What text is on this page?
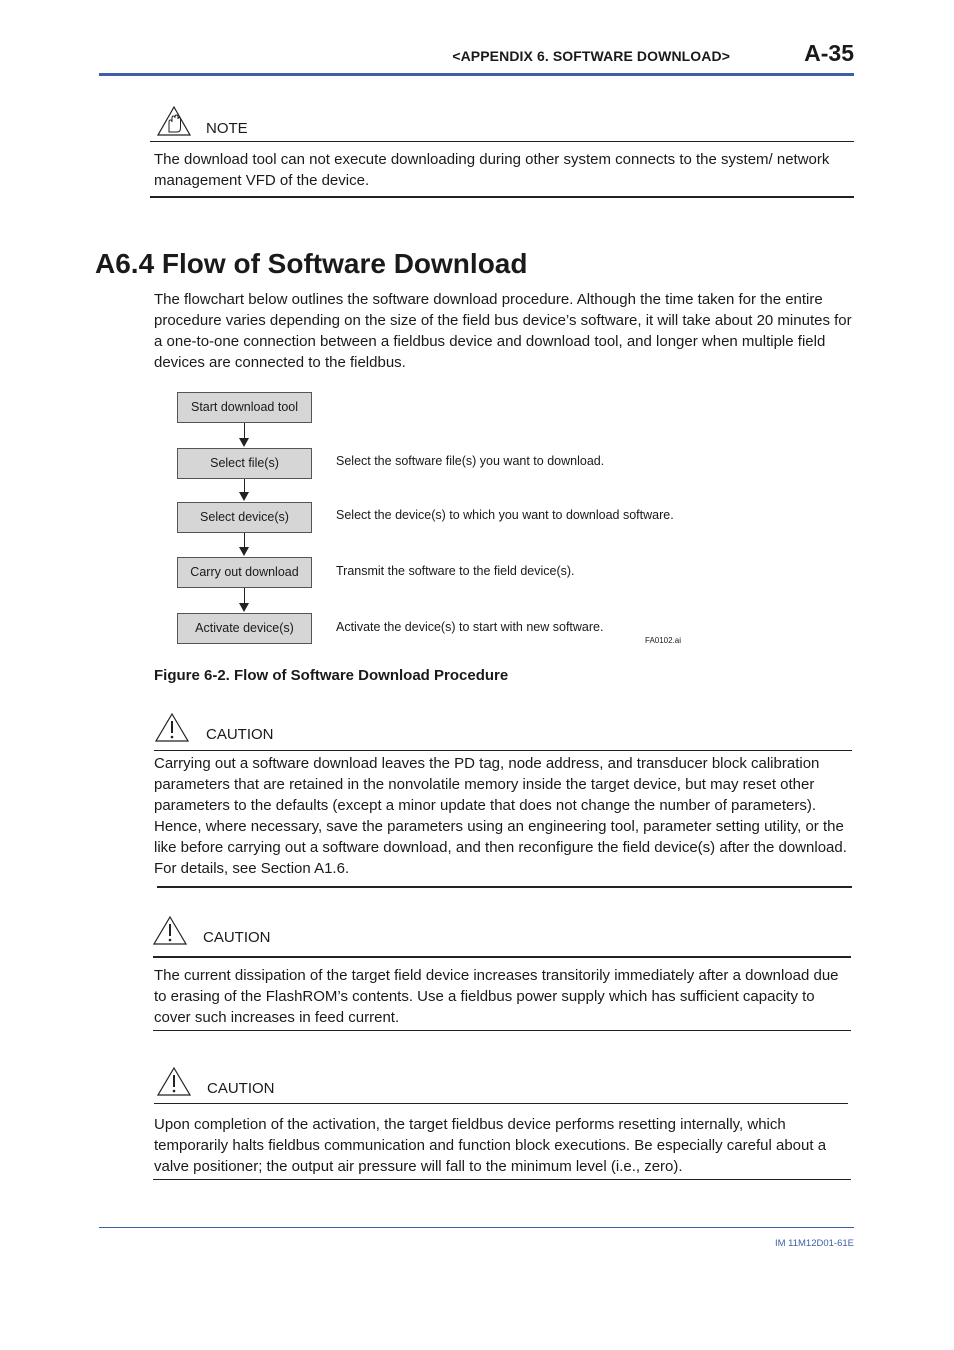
<APPENDIX 6. SOFTWARE DOWNLOAD>	A-35
NOTE
The download tool can not execute downloading during other system connects to the system/ network management VFD of the device.
A6.4 Flow of Software Download
The flowchart below outlines the software download procedure. Although the time taken for the entire procedure varies depending on the size of the field bus device’s software, it will take about 20 minutes for a one-to-one connection between a fieldbus device and download tool, and longer when multiple field devices are connected to the fieldbus.
Start download tool
Select file(s)	Select the software file(s) you want to download.
Select device(s)	Select the device(s) to which you want to download software.
Carry out download	Transmit the software to the field device(s).
Activate device(s)	Activate the device(s) to start with new software.
FA0102.ai
Figure 6-2. Flow of Software Download Procedure
CAUTION
Carrying out a software download leaves the PD tag, node address, and transducer block calibration parameters that are retained in the nonvolatile memory inside the target device, but may reset other parameters to the defaults (except a minor update that does not change the number of parameters). Hence, where necessary, save the parameters using an engineering tool, parameter setting utility, or the like before carrying out a software download, and then reconfigure the field device(s) after the download. For details, see Section A1.6.
CAUTION
The current dissipation of the target field device increases transitorily immediately after a download due to erasing of the FlashROM’s contents. Use a fieldbus power supply which has sufficient capacity to cover such increases in feed current.
CAUTION
Upon completion of the activation, the target fieldbus device performs resetting internally, which temporarily halts fieldbus communication and function block executions. Be especially careful about a valve positioner; the output air pressure will fall to the minimum level (i.e., zero).
IM 11M12D01-61E
